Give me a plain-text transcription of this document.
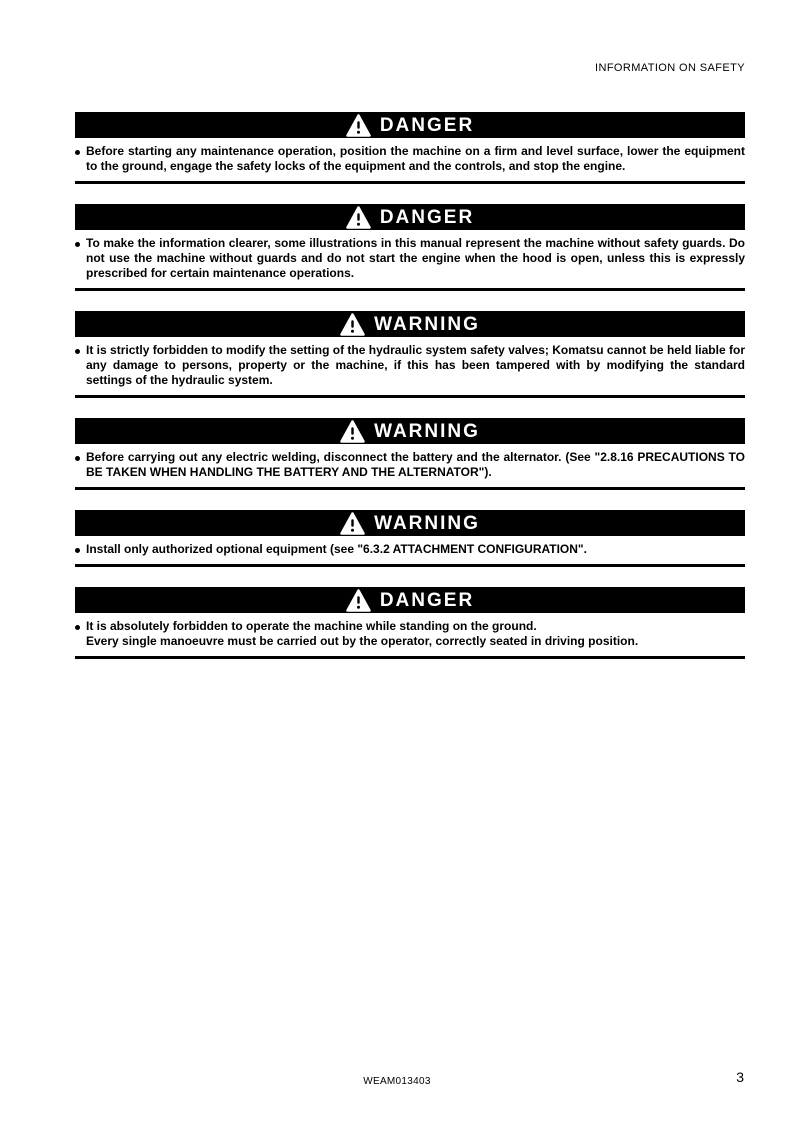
INFORMATION ON SAFETY
DANGER

Before starting any maintenance operation, position the machine on a firm and level surface, lower the equipment to the ground, engage the safety locks of the equipment and the controls, and stop the engine.

DANGER

To make the information clearer, some illustrations in this manual represent the machine without safety guards. Do not use the machine without guards and do not start the engine when the hood is open, unless this is expressly prescribed for certain maintenance operations.

WARNING

It is strictly forbidden to modify the setting of the hydraulic system safety valves; Komatsu cannot be held liable for any damage to persons, property or the machine, if this has been tampered with by modifying the standard settings of the hydraulic system.

WARNING

Before carrying out any electric welding, disconnect the battery and the alternator. (See "2.8.16 PRECAUTIONS TO BE TAKEN WHEN HANDLING THE BATTERY AND THE ALTERNATOR").

WARNING

Install only authorized optional equipment (see "6.3.2 ATTACHMENT CONFIGURATION".

DANGER

It is absolutely forbidden to operate the machine while standing on the ground.

Every single manoeuvre must be carried out by the operator, correctly seated in driving position.

WEAM013403	3
